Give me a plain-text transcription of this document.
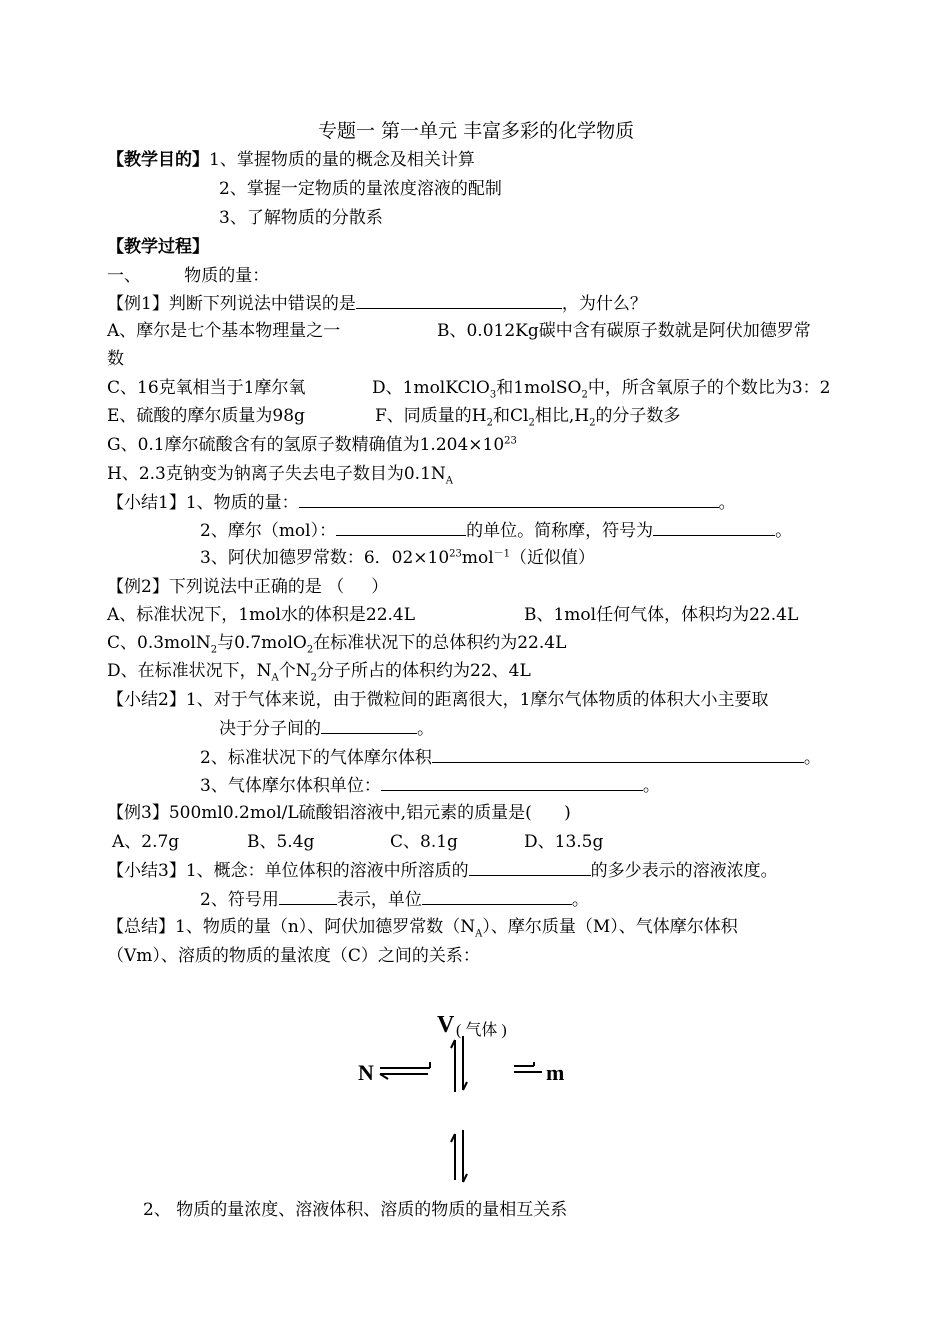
专题一 第一单元 丰富多彩的化学物质
【教学目的】1、掌握物质的量的概念及相关计算
2、掌握一定物质的量浓度溶液的配制
3、了解物质的分散系
【教学过程】
一、        物质的量：
【例1】判断下列说法中错误的是	，为什么？
A、摩尔是七个基本物理量之一	B、0.012Kg碳中含有碳原子数就是阿伏加德罗常
数
C、16克氧相当于1摩尔氧	D、1molKClO$_3$和1molSO$_2$中，所含氧原子的个数比为3：2
E、硫酸的摩尔质量为98g	F、同质量的$H_2$和$Cl_2$相比$,H_2$的分子数多
G、0.1摩尔硫酸含有的氢原子数精确值为$1.204\times 10^{23}$
H、2.3克钠变为钠离子失去电子数目为$0.1N_A$
【小结1】1、物质的量：	。
2、摩尔（mol）：	的单位。简称摩，符号为	。
3、阿伏加德罗常数：6．$02\times 10^{23}mol^{-1}$（近似值）
【例2】下列说法中正确的是 （     ）
A、标准状况下，1mol水的体积是22.4L	B、1mol任何气体，体积均为22.4L
C、0.3molN$_2$与0.7molO$_2$在标准状况下的总体积约为22.4L
D、在标准状况下，$N_A$个$N_2$分子所占的体积约为22、4L
【小结2】1、对于气体来说，由于微粒间的距离很大，1摩尔气体物质的体积大小主要取
决于分子间的	。
2、标准状况下的气体摩尔体积	。
3、气体摩尔体积单位：	。
【例3】500ml0.2mol/L硫酸铝溶液中,铝元素的质量是(      )
A、2.7g	B、5.4g	C、8.1g	D、13.5g
【小结3】1、概念：单位体积的溶液中所溶质的	的多少表示的溶液浓度。
2、符号用	表示，单位	。
【总结】1、物质的量（n）、阿伏加德罗常数$(N_A)$、摩尔质量（M）、气体摩尔体积
（Vm）、溶质的物质的量浓度（C）之间的关系：
V ( 气体 )
N	m
2、 物质的量浓度、溶液体积、溶质的物质的量相互关系
